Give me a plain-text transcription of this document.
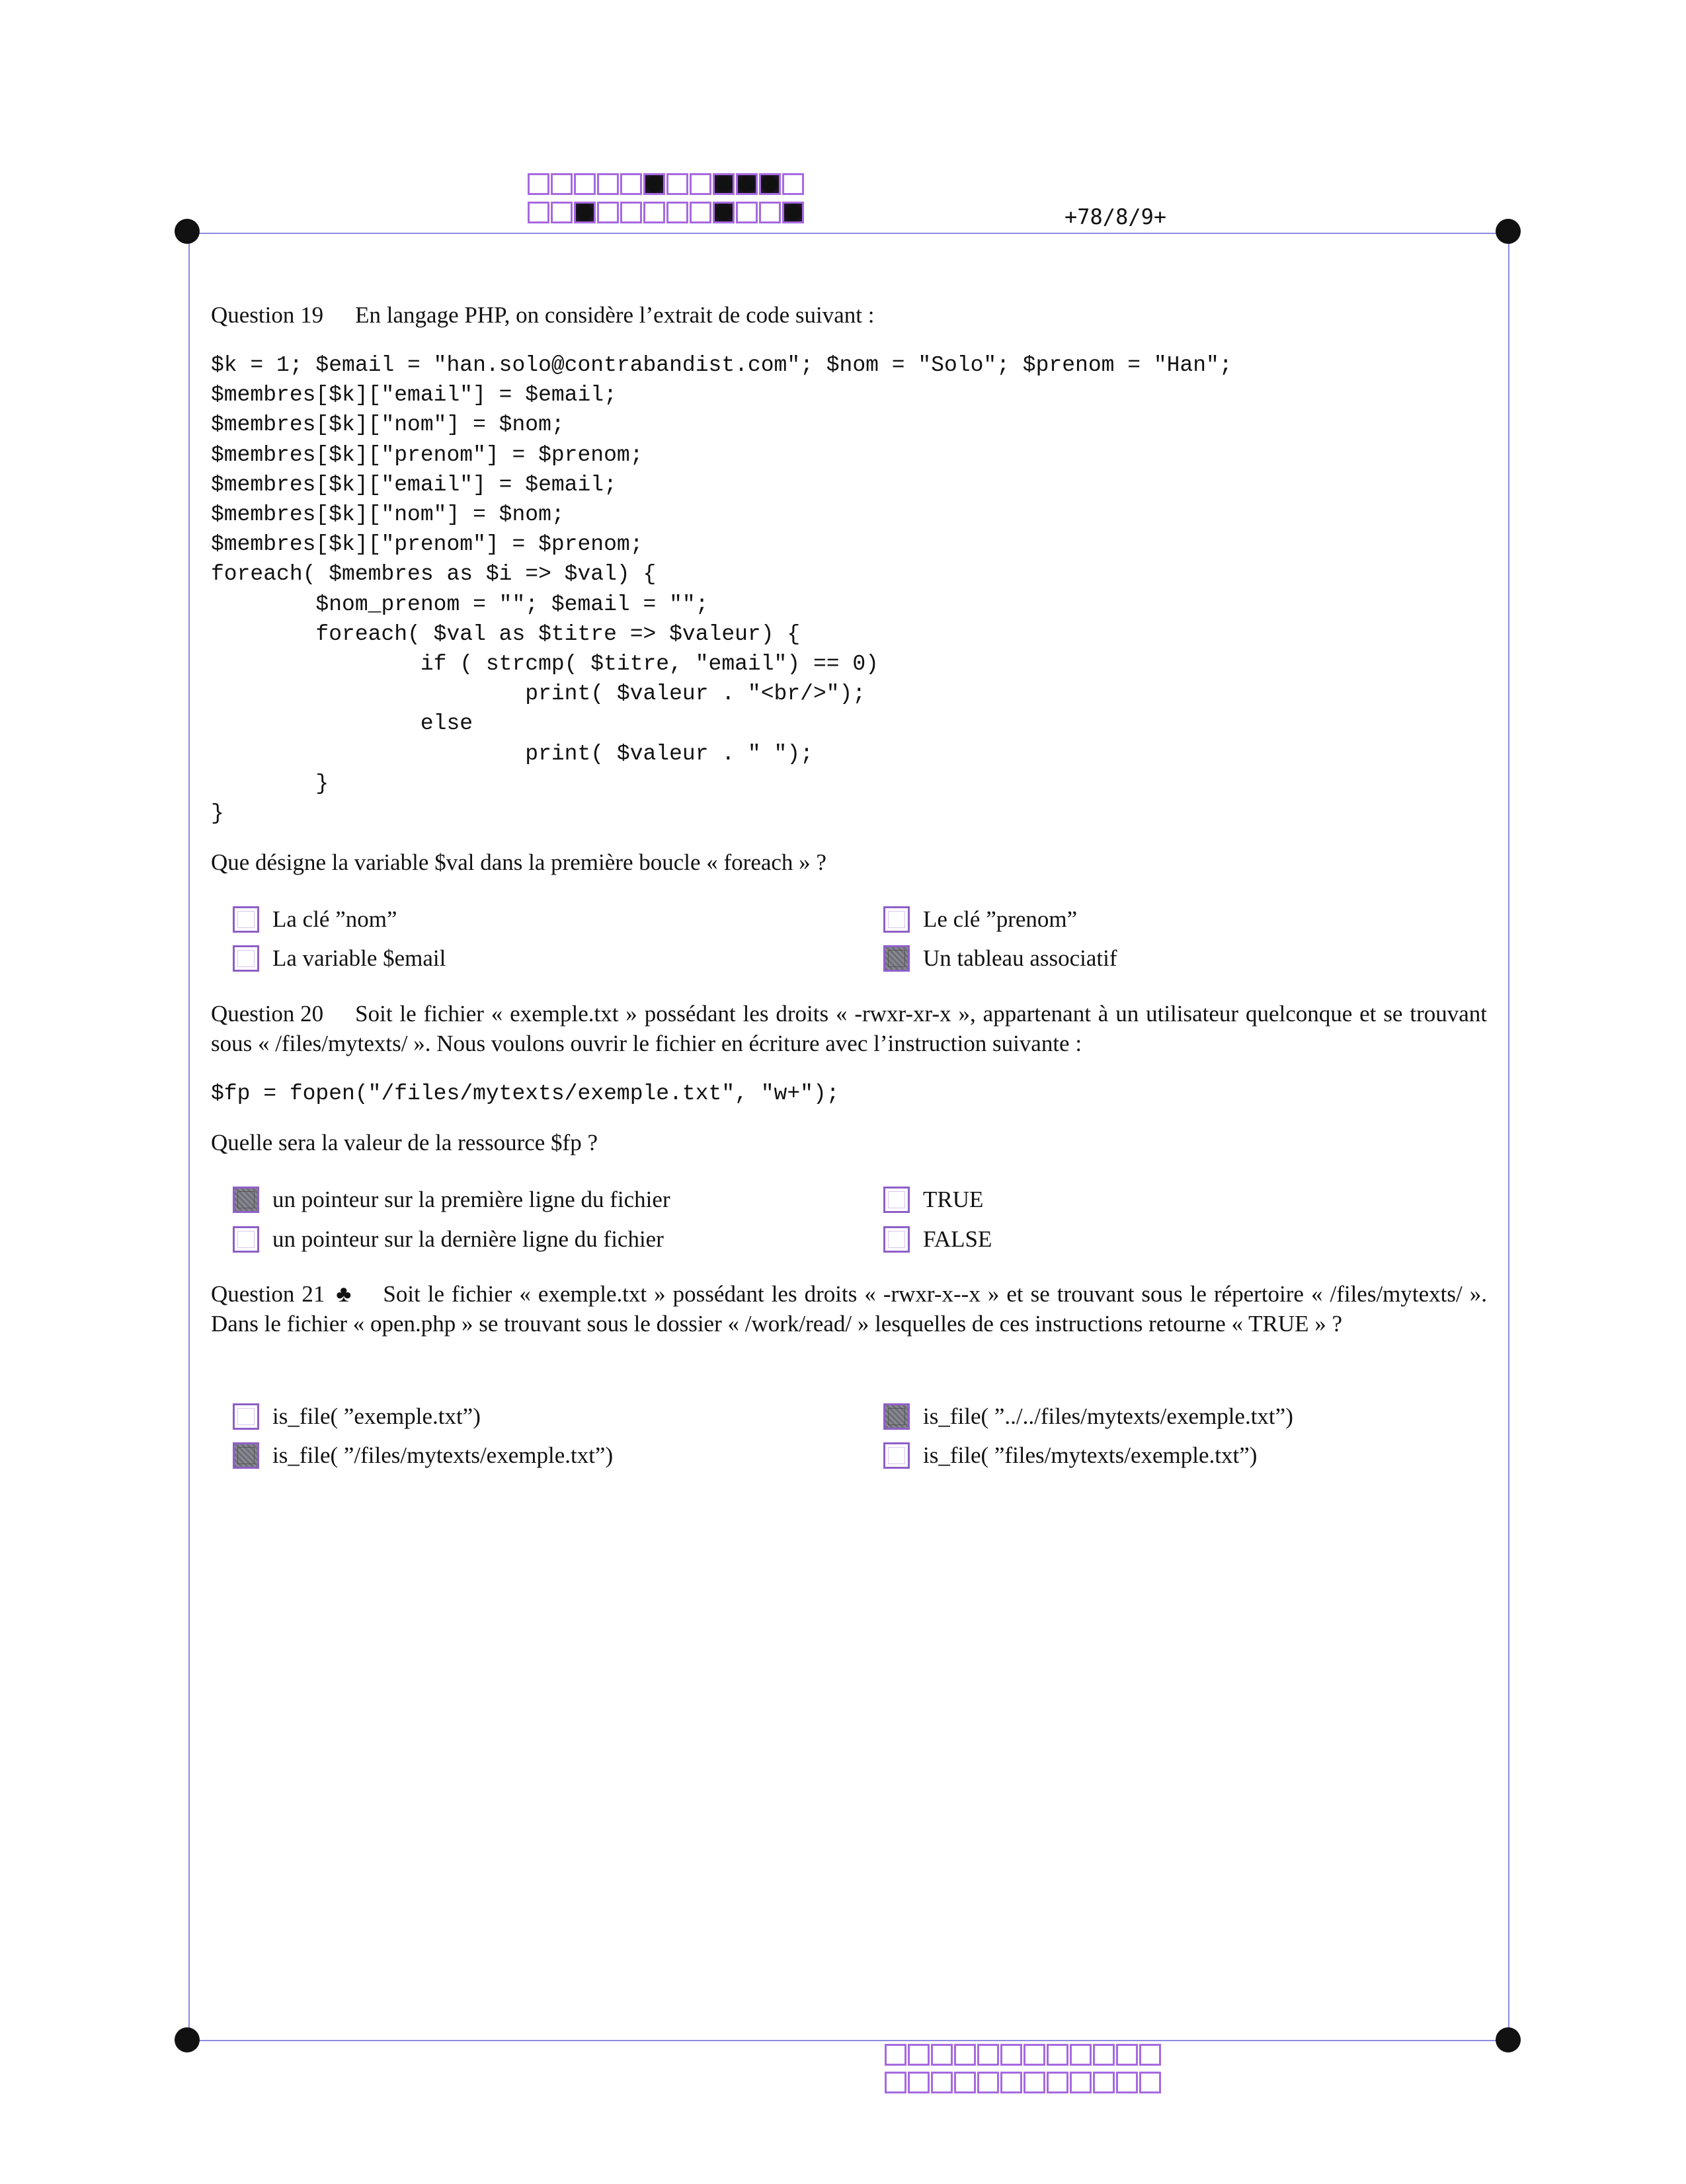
+78/8/9+
Question 19 En langage PHP, on considère l’extrait de code suivant :
$k = 1; $email = "han.solo@contrabandist.com"; $nom = "Solo"; $prenom = "Han";
$membres[$k]["email"] = $email;
$membres[$k]["nom"] = $nom;
$membres[$k]["prenom"] = $prenom;
$membres[$k]["email"] = $email;
$membres[$k]["nom"] = $nom;
$membres[$k]["prenom"] = $prenom;
foreach( $membres as $i => $val) {
$nom_prenom = ""; $email = "";
foreach( $val as $titre => $valeur) {
if ( strcmp( $titre, "email") == 0)
print( $valeur . "<br/>");
else
print( $valeur . " ");
}
}
Que désigne la variable $val dans la première boucle « foreach » ?
La clé ”nom”	Le clé ”prenom”
La variable $email	Un tableau associatif
Question 20 Soit le fichier « exemple.txt » possédant les droits « -rwxr-xr-x », appartenant à un utilisateur quelconque et se trouvant sous « /files/mytexts/ ». Nous voulons ouvrir le fichier en écriture avec l’instruction suivante :
$fp = fopen("/files/mytexts/exemple.txt", "w+");
Quelle sera la valeur de la ressource $fp ?
un pointeur sur la première ligne du fichier	TRUE
un pointeur sur la dernière ligne du fichier	FALSE
Question 21 ♣ Soit le fichier « exemple.txt » possédant les droits « -rwxr-x--x » et se trouvant sous le répertoire « /files/mytexts/ ». Dans le fichier « open.php » se trouvant sous le dossier « /work/read/ » lesquelles de ces instructions retourne « TRUE » ?
is_file( ”exemple.txt”)	is_file( ”../../files/mytexts/exemple.txt”)
is_file( ”/files/mytexts/exemple.txt”)	is_file( ”files/mytexts/exemple.txt”)
